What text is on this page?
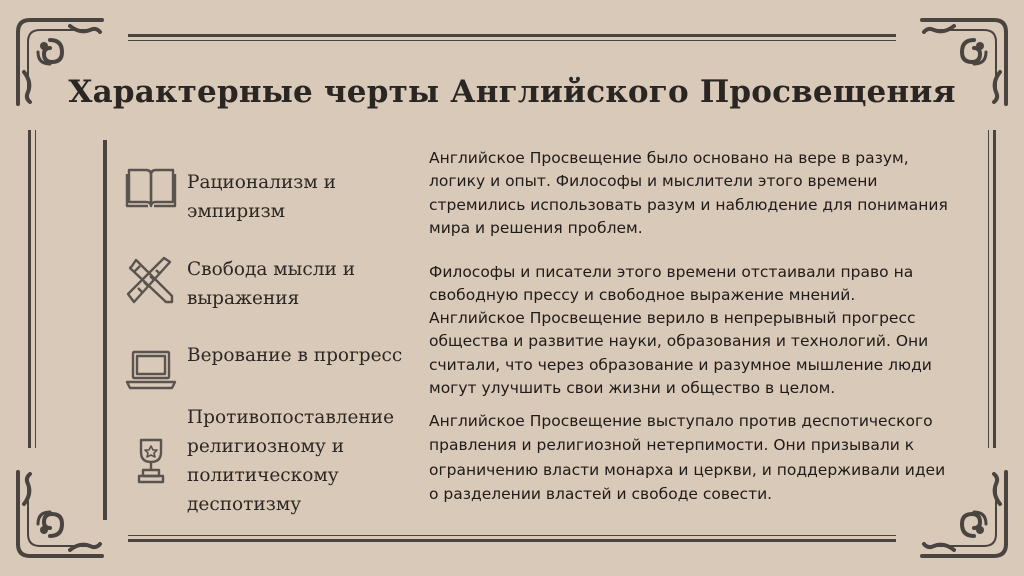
Характерные черты Английского Просвещения
Рационализм и эмпиризм
Английское Просвещение было основано на вере в разум, логику и опыт. Философы и мыслители этого времени стремились использовать разум и наблюдение для понимания мира и решения проблем.
Свобода мысли и выражения
Философы и писатели этого времени отстаивали право на свободную прессу и свободное выражение мнений.
Верование в прогресс
Английское Просвещение верило в непрерывный прогресс общества и развитие науки, образования и технологий. Они считали, что через образование и разумное мышление люди могут улучшить свои жизни и общество в целом.
Противопоставление религиозному и политическому деспотизму
Английское Просвещение выступало против деспотического правления и религиозной нетерпимости. Они призывали к ограничению власти монарха и церкви, и поддерживали идеи о разделении властей и свободе совести.
